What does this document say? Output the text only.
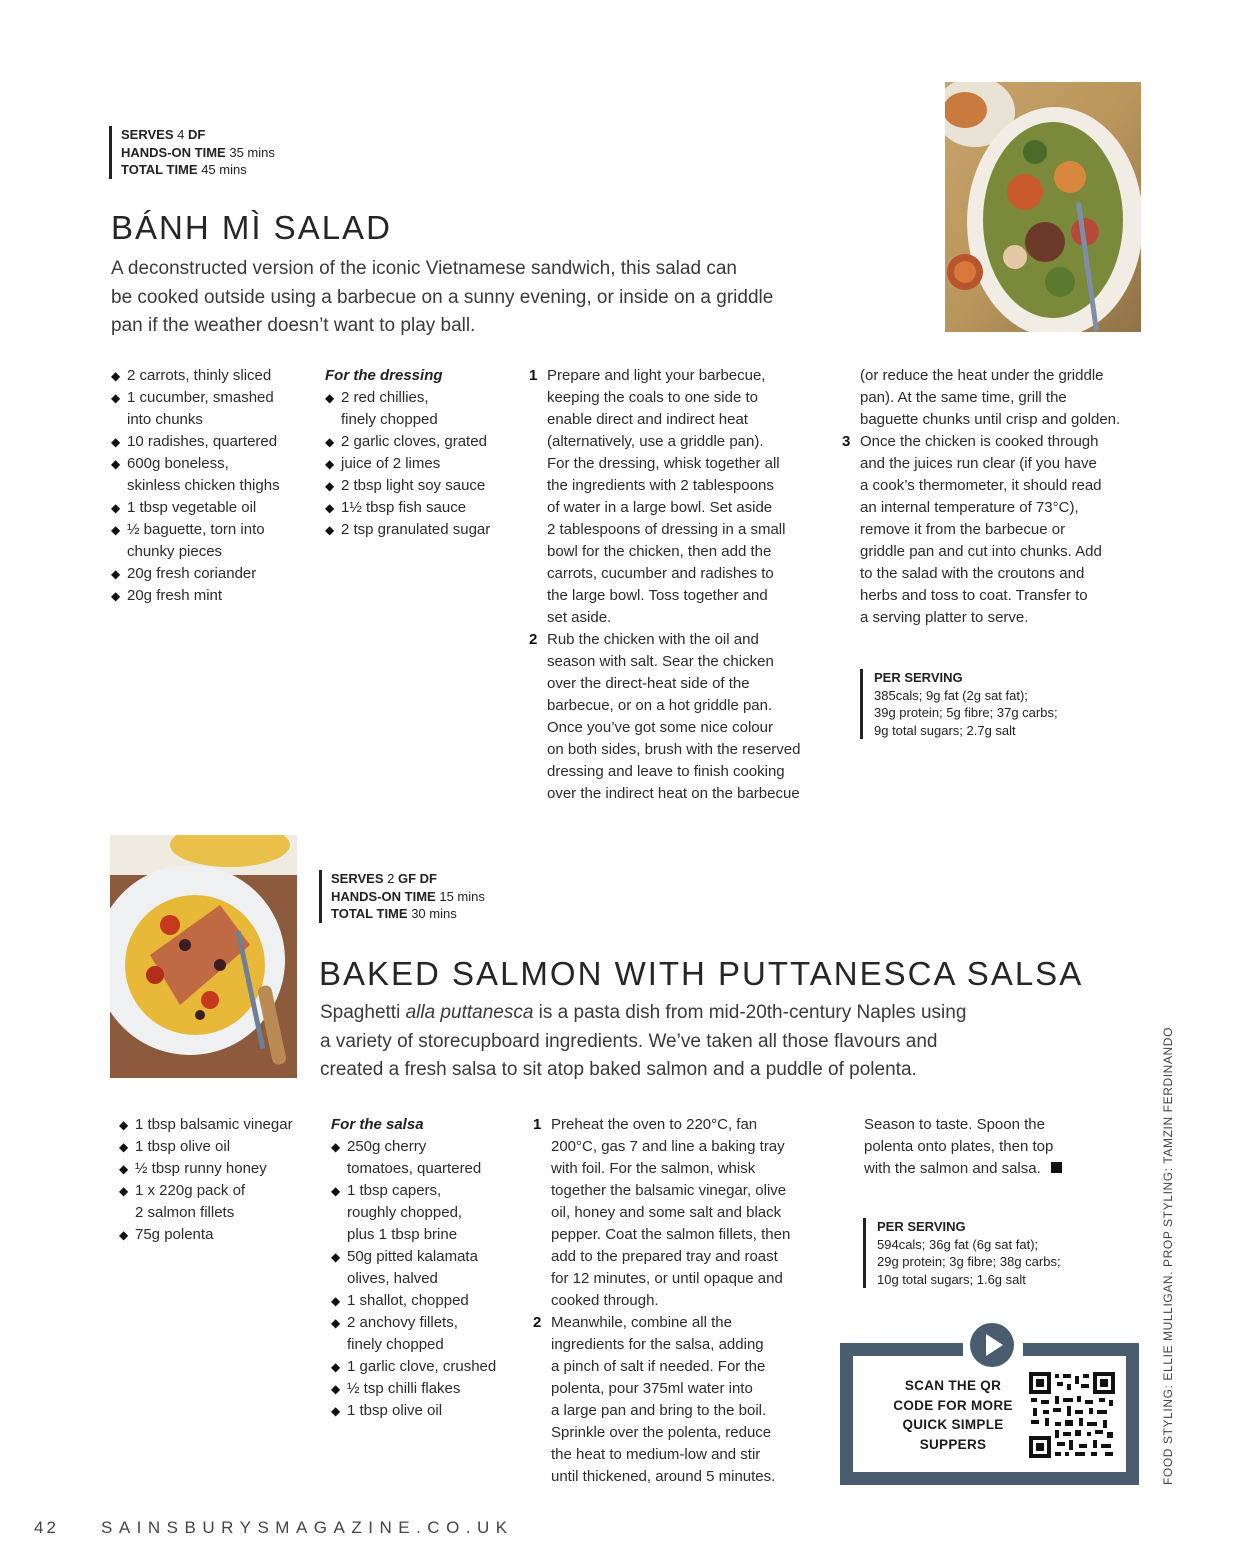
SERVES 4 DF
HANDS-ON TIME 35 mins
TOTAL TIME 45 mins
BÁNH MÌ SALAD
A deconstructed version of the iconic Vietnamese sandwich, this salad can
be cooked outside using a barbecue on a sunny evening, or inside on a griddle
pan if the weather doesn’t want to play ball.
◆ 2 carrots, thinly sliced
◆ 1 cucumber, smashed
into chunks
◆ 10 radishes, quartered
◆ 600g boneless,
skinless chicken thighs
◆ 1 tbsp vegetable oil
◆ ½ baguette, torn into
chunky pieces
◆ 20g fresh coriander
◆ 20g fresh mint
For the dressing
◆ 2 red chillies,
finely chopped
◆ 2 garlic cloves, grated
◆ juice of 2 limes
◆ 2 tbsp light soy sauce
◆ 1½ tbsp fish sauce
◆ 2 tsp granulated sugar
1 Prepare and light your barbecue,
keeping the coals to one side to
enable direct and indirect heat
(alternatively, use a griddle pan).
For the dressing, whisk together all
the ingredients with 2 tablespoons
of water in a large bowl. Set aside
2 tablespoons of dressing in a small
bowl for the chicken, then add the
carrots, cucumber and radishes to
the large bowl. Toss together and
set aside.
2 Rub the chicken with the oil and
season with salt. Sear the chicken
over the direct-heat side of the
barbecue, or on a hot griddle pan.
Once you’ve got some nice colour
on both sides, brush with the reserved
dressing and leave to finish cooking
over the indirect heat on the barbecue
(or reduce the heat under the griddle
pan). At the same time, grill the
baguette chunks until crisp and golden.
3 Once the chicken is cooked through
and the juices run clear (if you have
a cook’s thermometer, it should read
an internal temperature of 73°C),
remove it from the barbecue or
griddle pan and cut into chunks. Add
to the salad with the croutons and
herbs and toss to coat. Transfer to
a serving platter to serve.
PER SERVING
385cals; 9g fat (2g sat fat);
39g protein; 5g fibre; 37g carbs;
9g total sugars; 2.7g salt
SERVES 2 GF DF
HANDS-ON TIME 15 mins
TOTAL TIME 30 mins
BAKED SALMON WITH PUTTANESCA SALSA
Spaghetti alla puttanesca is a pasta dish from mid-20th-century Naples using
a variety of storecupboard ingredients. We’ve taken all those flavours and
created a fresh salsa to sit atop baked salmon and a puddle of polenta.
◆ 1 tbsp balsamic vinegar
◆ 1 tbsp olive oil
◆ ½ tbsp runny honey
◆ 1 x 220g pack of
2 salmon fillets
◆ 75g polenta
For the salsa
◆ 250g cherry
tomatoes, quartered
◆ 1 tbsp capers,
roughly chopped,
plus 1 tbsp brine
◆ 50g pitted kalamata
olives, halved
◆ 1 shallot, chopped
◆ 2 anchovy fillets,
finely chopped
◆ 1 garlic clove, crushed
◆ ½ tsp chilli flakes
◆ 1 tbsp olive oil
1 Preheat the oven to 220°C, fan
200°C, gas 7 and line a baking tray
with foil. For the salmon, whisk
together the balsamic vinegar, olive
oil, honey and some salt and black
pepper. Coat the salmon fillets, then
add to the prepared tray and roast
for 12 minutes, or until opaque and
cooked through.
2 Meanwhile, combine all the
ingredients for the salsa, adding
a pinch of salt if needed. For the
polenta, pour 375ml water into
a large pan and bring to the boil.
Sprinkle over the polenta, reduce
the heat to medium-low and stir
until thickened, around 5 minutes.
Season to taste. Spoon the
polenta onto plates, then top
with the salmon and salsa.
PER SERVING
594cals; 36g fat (6g sat fat);
29g protein; 3g fibre; 38g carbs;
10g total sugars; 1.6g salt
SCAN THE QR
CODE FOR MORE
QUICK SIMPLE
SUPPERS	FOOD STYLING: ELLIE MULLIGAN. PROP STYLING: TAMZIN FERDINANDO
42 SAINSBURYSMAGAZINE.CO.UK
